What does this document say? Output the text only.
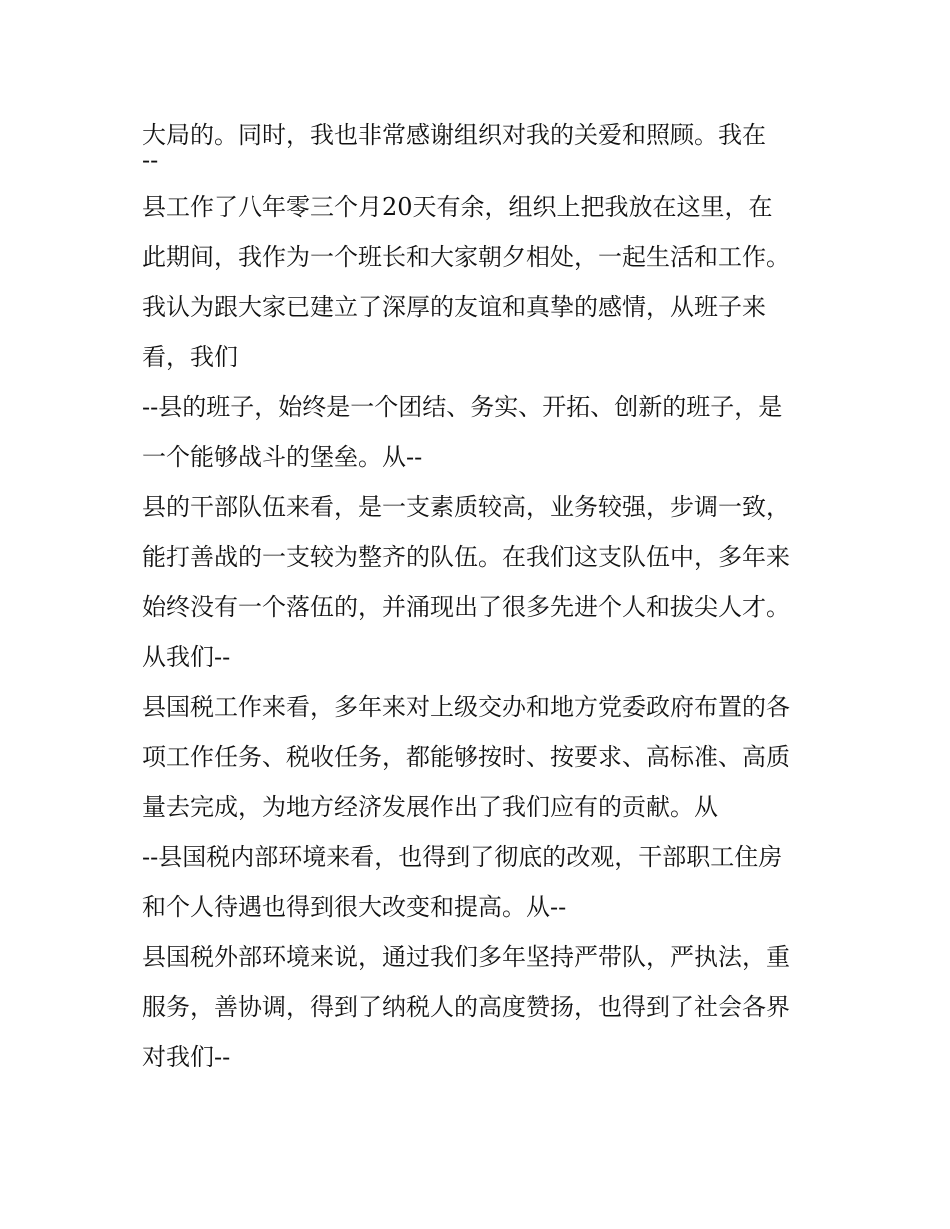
大局的。同时，我也非常感谢组织对我的关爱和照顾。我在
--
县工作了八年零三个月20天有余，组织上把我放在这里，在
此期间，我作为一个班长和大家朝夕相处，一起生活和工作。
我认为跟大家已建立了深厚的友谊和真挚的感情，从班子来
看，我们
--县的班子，始终是一个团结、务实、开拓、创新的班子，是
一个能够战斗的堡垒。从--
县的干部队伍来看，是一支素质较高，业务较强，步调一致，
能打善战的一支较为整齐的队伍。在我们这支队伍中，多年来
始终没有一个落伍的，并涌现出了很多先进个人和拔尖人才。
从我们--
县国税工作来看，多年来对上级交办和地方党委政府布置的各
项工作任务、税收任务，都能够按时、按要求、高标准、高质
量去完成，为地方经济发展作出了我们应有的贡献。从
--县国税内部环境来看，也得到了彻底的改观，干部职工住房
和个人待遇也得到很大改变和提高。从--
县国税外部环境来说，通过我们多年坚持严带队，严执法，重
服务，善协调，得到了纳税人的高度赞扬，也得到了社会各界
对我们--
